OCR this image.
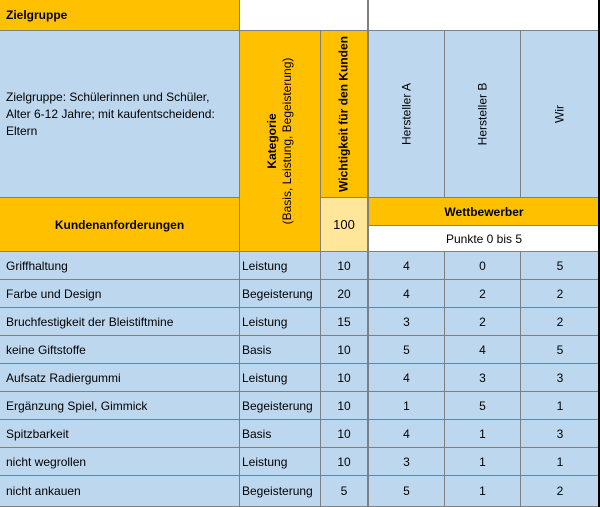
Zielgruppe
Zielgruppe: Schülerinnen und Schüler, Alter 6-12 Jahre; mit kaufentscheidend: Eltern	Kategorie (Basis, Leistung, Begeisterung)	Wichtigkeit für den Kunden	Hersteller A	Hersteller B	Wir
Kundenanforderungen	100
Wettbewerber
Punkte 0 bis 5
Griffhaltung	Leistung	10	4	0	5
Farbe und Design	Begeisterung 20	4	2	2
Bruchfestigkeit der Bleistiftmine	Leistung	15	3	2	2
keine Giftstoffe	Basis	10	5	4	5
Aufsatz Radiergummi	Leistung	10	4	3	3
Ergänzung Spiel, Gimmick	Begeisterung 10	1	5	1
Spitzbarkeit	Basis	10	4	1	3
nicht wegrollen	Leistung	10	3	1	1
nicht ankauen	Begeisterung 5	5	1	2
